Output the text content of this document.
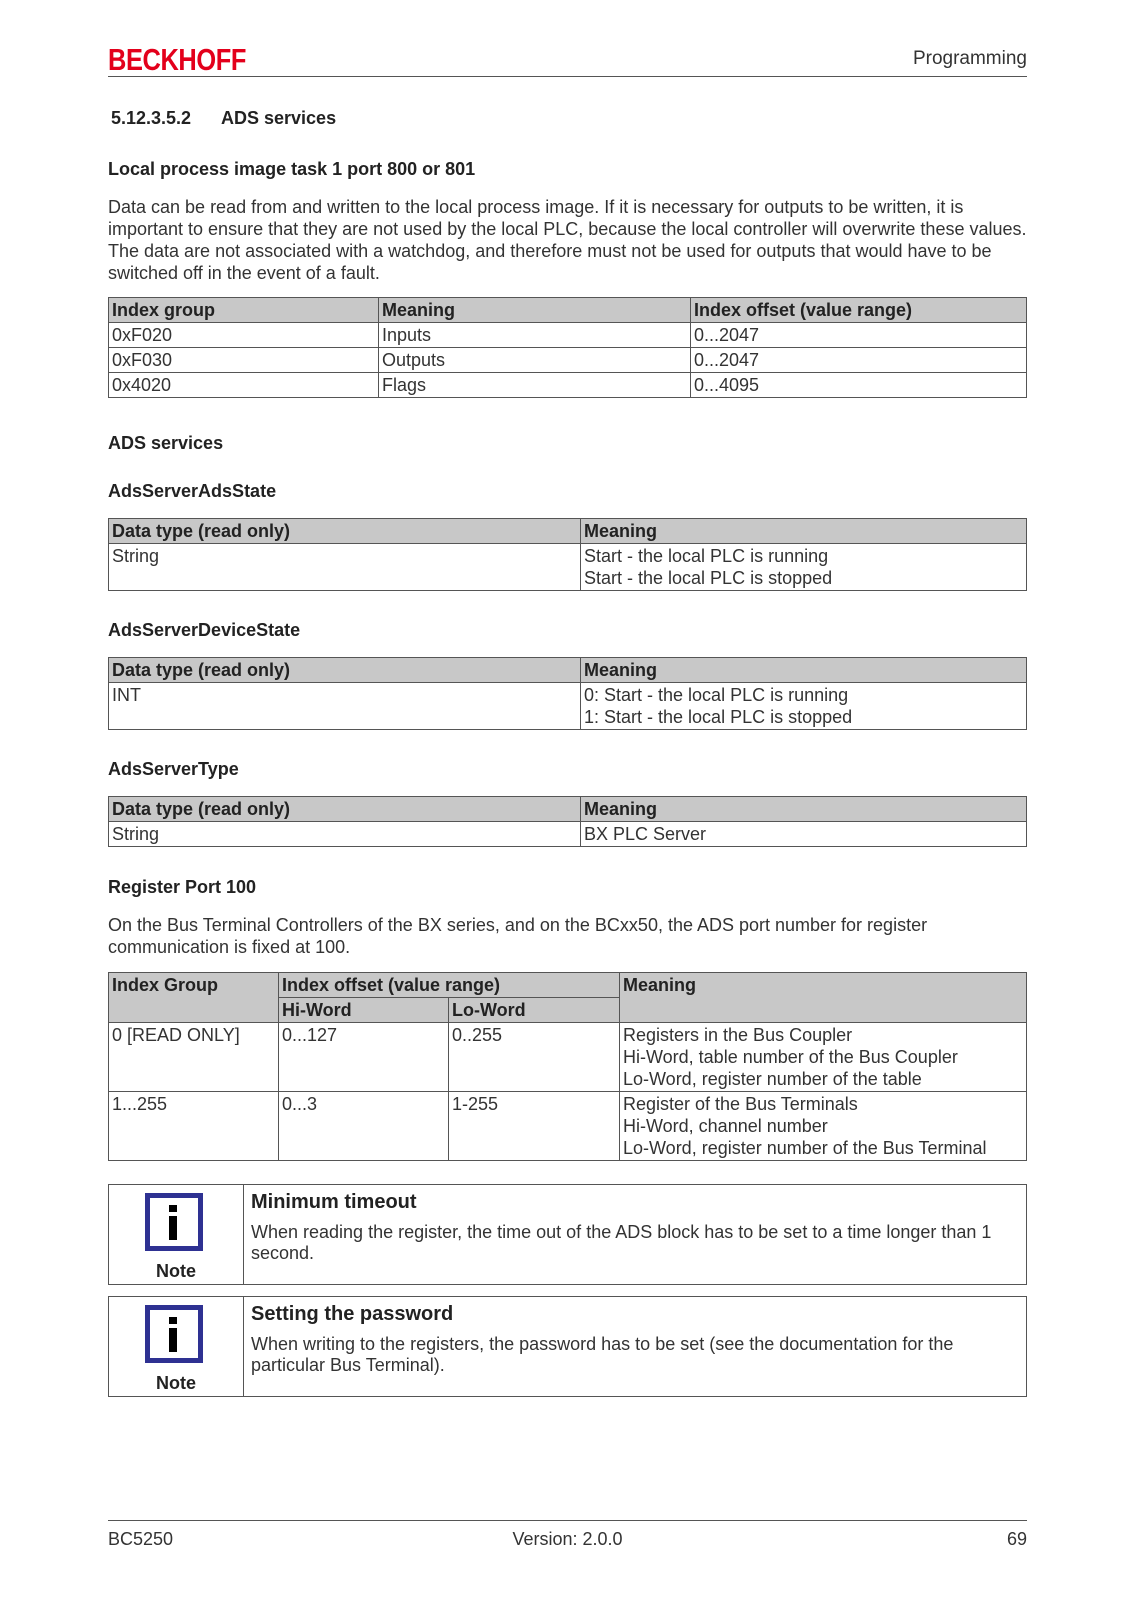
BECKHOFF	Programming
5.12.3.5.2 ADS services
Local process image task 1 port 800 or 801
Data can be read from and written to the local process image. If it is necessary for outputs to be written, it is important to ensure that they are not used by the local PLC, because the local controller will overwrite these values. The data are not associated with a watchdog, and therefore must not be used for outputs that would have to be switched off in the event of a fault.
Index group	Meaning	Index offset (value range)
0xF020	Inputs	0...2047
0xF030	Outputs	0...2047
0x4020	Flags	0...4095
ADS services
AdsServerAdsState
Data type (read only)	Meaning
String	Start - the local PLC is running
Start - the local PLC is stopped
AdsServerDeviceState
Data type (read only)	Meaning
INT	0: Start - the local PLC is running
1: Start - the local PLC is stopped
AdsServerType
Data type (read only)	Meaning
String	BX PLC Server
Register Port 100
On the Bus Terminal Controllers of the BX series, and on the BCxx50, the ADS port number for register communication is fixed at 100.
Index Group	Index offset (value range)		Meaning
	Hi-Word	Lo-Word	
0 [READ ONLY]	0...127	0..255	Registers in the Bus Coupler
Hi-Word, table number of the Bus Coupler
Lo-Word, register number of the table

1...255	0...3	1-255	Register of the Bus Terminals
Hi-Word, channel number
Lo-Word, register number of the Bus Terminal
Note
Minimum timeout
When reading the register, the time out of the ADS block has to be set to a time longer than 1 second.
Note
Setting the password
When writing to the registers, the password has to be set (see the documentation for the particular Bus Terminal).
BC5250	Version: 2.0.0	69
